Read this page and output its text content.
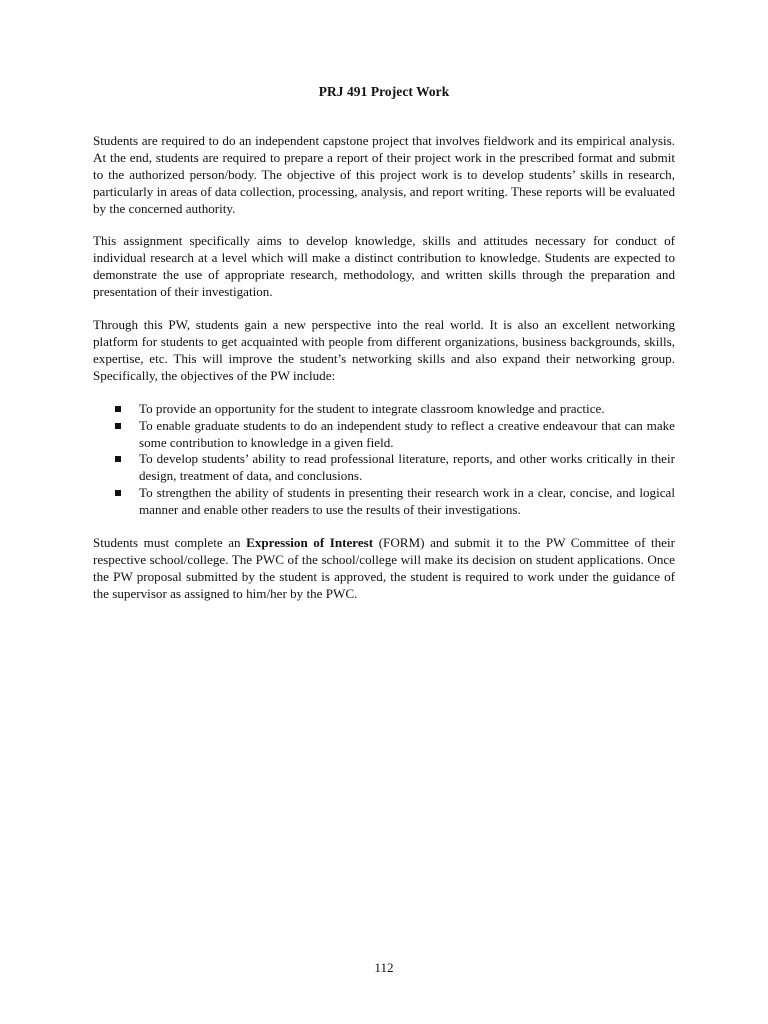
PRJ 491 Project Work

Students are required to do an independent capstone project that involves fieldwork and its empirical analysis. At the end, students are required to prepare a report of their project work in the prescribed format and submit to the authorized person/body. The objective of this project work is to develop students’ skills in research, particularly in areas of data collection, processing, analysis, and report writing. These reports will be evaluated by the concerned authority.

This assignment specifically aims to develop knowledge, skills and attitudes necessary for conduct of individual research at a level which will make a distinct contribution to knowledge. Students are expected to demonstrate the use of appropriate research, methodology, and written skills through the preparation and presentation of their investigation.

Through this PW, students gain a new perspective into the real world. It is also an excellent networking platform for students to get acquainted with people from different organizations, business backgrounds, skills, expertise, etc. This will improve the student’s networking skills and also expand their networking group. Specifically, the objectives of the PW include:

To provide an opportunity for the student to integrate classroom knowledge and practice.
To enable graduate students to do an independent study to reflect a creative endeavour that can make some contribution to knowledge in a given field.
To develop students’ ability to read professional literature, reports, and other works critically in their design, treatment of data, and conclusions.
To strengthen the ability of students in presenting their research work in a clear, concise, and logical manner and enable other readers to use the results of their investigations.

Students must complete an Expression of Interest (FORM) and submit it to the PW Committee of their respective school/college. The PWC of the school/college will make its decision on student applications. Once the PW proposal submitted by the student is approved, the student is required to work under the guidance of the supervisor as assigned to him/her by the PWC.

112
